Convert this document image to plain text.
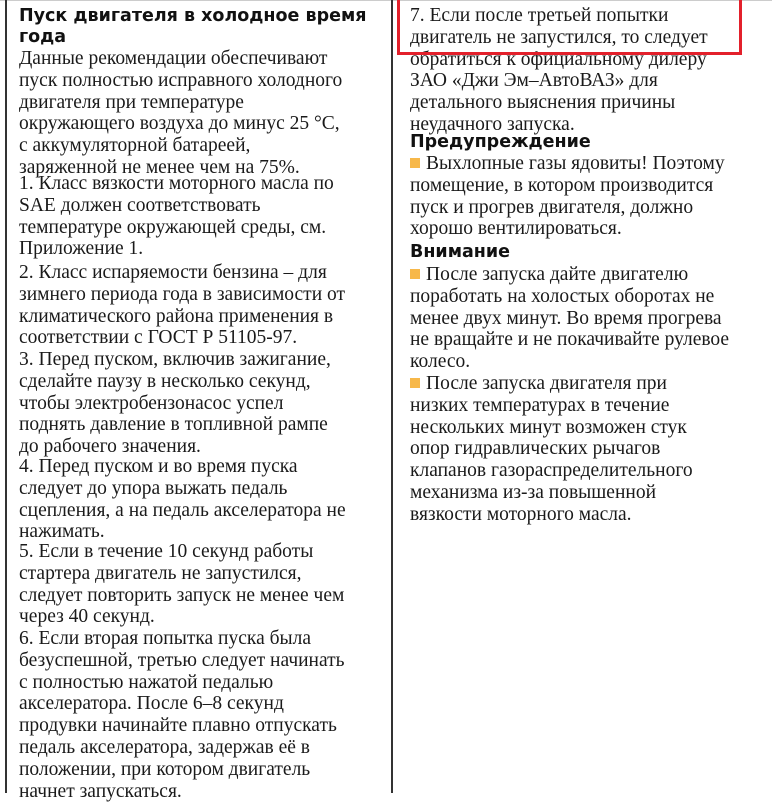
Пуск двигателя в холодное время
года
Данные рекомендации обеспечивают
пуск полностью исправного холодного
двигателя при температуре
окружающего воздуха до минус 25 °С,
с аккумуляторной батареей,
заряженной не менее чем на 75%.
1. Класс вязкости моторного масла по
SAE должен соответствовать
температуре окружающей среды, см.
Приложение 1.
2. Класс испаряемости бензина – для
зимнего периода года в зависимости от
климатического района применения в
соответствии с ГОСТ Р 51105-97.
3. Перед пуском, включив зажигание,
сделайте паузу в несколько секунд,
чтобы электробензонасос успел
поднять давление в топливной рампе
до рабочего значения.
4. Перед пуском и во время пуска
следует до упора выжать педаль
сцепления, а на педаль акселератора не
нажимать.
5. Если в течение 10 секунд работы
стартера двигатель не запустился,
следует повторить запуск не менее чем
через 40 секунд.
6. Если вторая попытка пуска была
безуспешной, третью следует начинать
с полностью нажатой педалью
акселератора. После 6–8 секунд
продувки начинайте плавно отпускать
педаль акселератора, задержав её в
положении, при котором двигатель
начнет запускаться.
7. Если после третьей попытки
двигатель не запустился, то следует
обратиться к официальному дилеру
ЗАО «Джи Эм–АвтоВАЗ» для
детального выяснения причины
неудачного запуска.
Предупреждение
Выхлопные газы ядовиты! Поэтому
помещение, в котором производится
пуск и прогрев двигателя, должно
хорошо вентилироваться.
Внимание
После запуска дайте двигателю
поработать на холостых оборотах не
менее двух минут. Во время прогрева
не вращайте и не покачивайте рулевое
колесо.
После запуска двигателя при
низких температурах в течение
нескольких минут возможен стук
опор гидравлических рычагов
клапанов газораспределительного
механизма из-за повышенной
вязкости моторного масла.
